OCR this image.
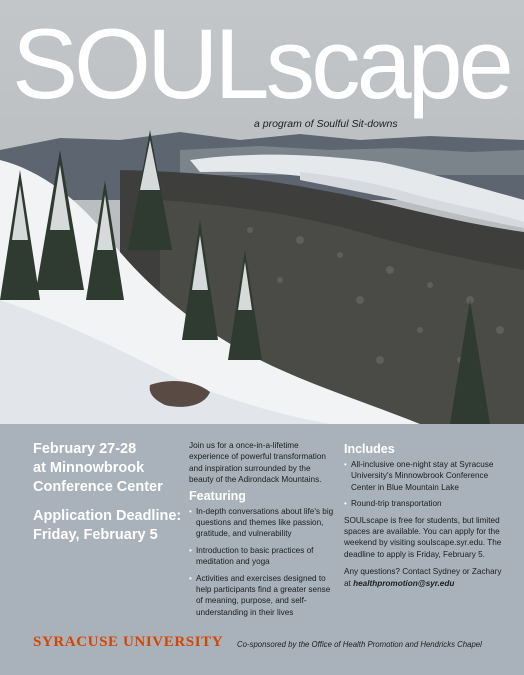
SOULscape
a program of Soulful Sit-downs
February 27-28
at Minnowbrook Conference Center
Application Deadline:
Friday, February 5

Join us for a once-in-a-lifetime experience of powerful transformation and inspiration surrounded by the beauty of the Adirondack Mountains.

Featuring
• In-depth conversations about life's big questions and themes like passion, gratitude, and vulnerability
• Introduction to basic practices of meditation and yoga
• Activities and exercises designed to help participants find a greater sense of meaning, purpose, and self-understanding in their lives
Includes
• All-inclusive one-night stay at Syracuse University's Minnowbrook Conference Center in Blue Mountain Lake
• Round-trip transportation

SOULscape is free for students, but limited spaces are available. You can apply for the weekend by visiting soulscape.syr.edu. The deadline to apply is Friday, February 5.

Any questions? Contact Sydney or Zachary at healthpromotion@syr.edu

SYRACUSE UNIVERSITY Co-sponsored by the Office of Health Promotion and Hendricks Chapel
